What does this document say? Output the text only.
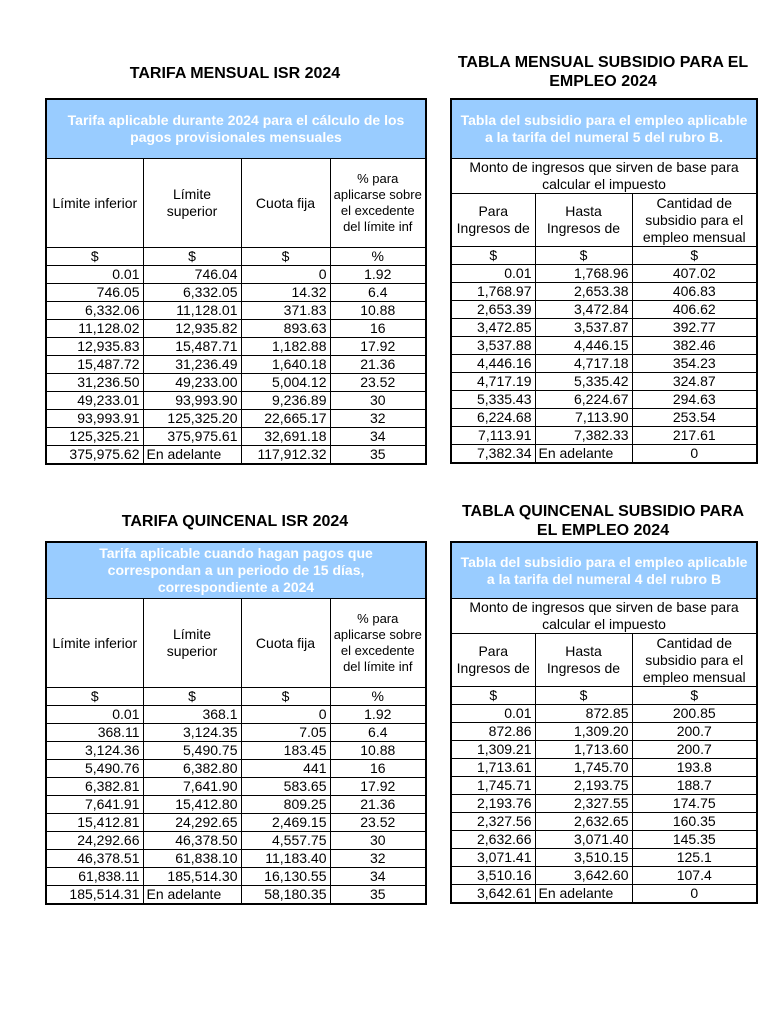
TARIFA MENSUAL ISR 2024
Tarifa aplicable durante 2024 para el cálculo de los pagos provisionales mensuales			
Límite inferior	Límite superior	Cuota fija	% para aplicarse sobre el excedente del límite inf
$	$	$	%
0.01	746.04	0	1.92
746.05	6,332.05	14.32	6.4
6,332.06	11,128.01	371.83	10.88
11,128.02	12,935.82	893.63	16
12,935.83	15,487.71	1,182.88	17.92
15,487.72	31,236.49	1,640.18	21.36
31,236.50	49,233.00	5,004.12	23.52
49,233.01	93,993.90	9,236.89	30
93,993.91	125,325.20	22,665.17	32
125,325.21	375,975.61	32,691.18	34
375,975.62	En adelante	117,912.32	35
TABLA MENSUAL SUBSIDIO PARA EL EMPLEO 2024
Tabla del subsidio para el empleo aplicable a la tarifa del numeral 5 del rubro B.		
Monto de ingresos que sirven de base para calcular el impuesto		
Para Ingresos de	Hasta Ingresos de	Cantidad de subsidio para el empleo mensual
$	$	$
0.01	1,768.96	407.02
1,768.97	2,653.38	406.83
2,653.39	3,472.84	406.62
3,472.85	3,537.87	392.77
3,537.88	4,446.15	382.46
4,446.16	4,717.18	354.23
4,717.19	5,335.42	324.87
5,335.43	6,224.67	294.63
6,224.68	7,113.90	253.54
7,113.91	7,382.33	217.61
7,382.34	En adelante	0
TARIFA QUINCENAL ISR 2024
Tarifa aplicable cuando hagan pagos que correspondan a un periodo de 15 días, correspondiente a 2024			
Límite inferior	Límite superior	Cuota fija	% para aplicarse sobre el excedente del límite inf
$	$	$	%
0.01	368.1	0	1.92
368.11	3,124.35	7.05	6.4
3,124.36	5,490.75	183.45	10.88
5,490.76	6,382.80	441	16
6,382.81	7,641.90	583.65	17.92
7,641.91	15,412.80	809.25	21.36
15,412.81	24,292.65	2,469.15	23.52
24,292.66	46,378.50	4,557.75	30
46,378.51	61,838.10	11,183.40	32
61,838.11	185,514.30	16,130.55	34
185,514.31	En adelante	58,180.35	35
TABLA QUINCENAL SUBSIDIO PARA EL EMPLEO 2024
Tabla del subsidio para el empleo aplicable a la tarifa del numeral 4 del rubro B		
Monto de ingresos que sirven de base para calcular el impuesto		
Para Ingresos de	Hasta Ingresos de	Cantidad de subsidio para el empleo mensual
$	$	$
0.01	872.85	200.85
872.86	1,309.20	200.7
1,309.21	1,713.60	200.7
1,713.61	1,745.70	193.8
1,745.71	2,193.75	188.7
2,193.76	2,327.55	174.75
2,327.56	2,632.65	160.35
2,632.66	3,071.40	145.35
3,071.41	3,510.15	125.1
3,510.16	3,642.60	107.4
3,642.61	En adelante	0
